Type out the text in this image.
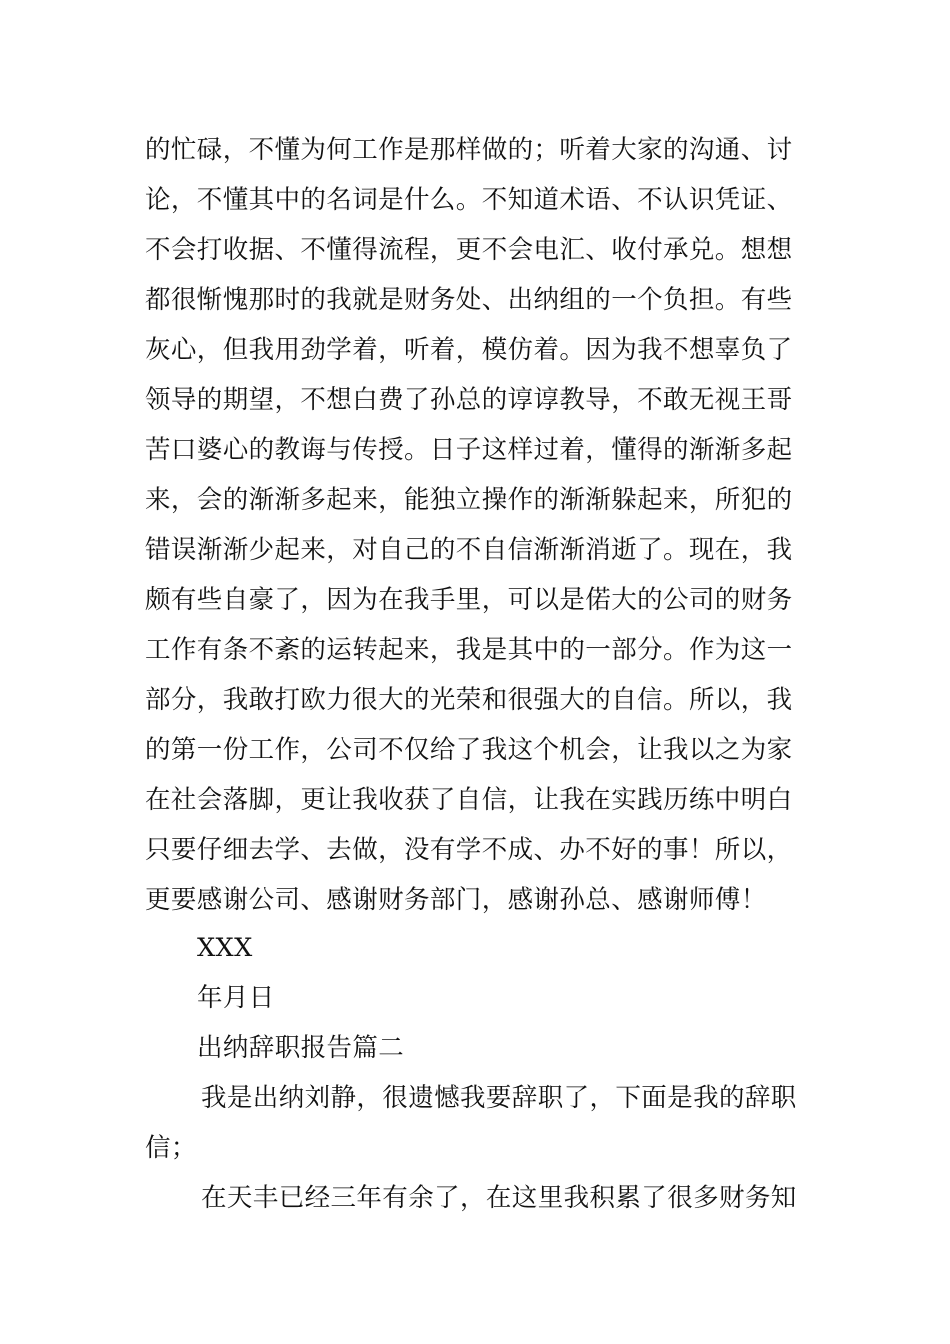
的忙碌，不懂为何工作是那样做的；听着大家的沟通、讨
论，不懂其中的名词是什么。不知道术语、不认识凭证、
不会打收据、不懂得流程，更不会电汇、收付承兑。想想
都很惭愧那时的我就是财务处、出纳组的一个负担。有些
灰心，但我用劲学着，听着，模仿着。因为我不想辜负了
领导的期望，不想白费了孙总的谆谆教导，不敢无视王哥
苦口婆心的教诲与传授。日子这样过着，懂得的渐渐多起
来，会的渐渐多起来，能独立操作的渐渐躲起来，所犯的
错误渐渐少起来，对自己的不自信渐渐消逝了。现在，我
颇有些自豪了，因为在我手里，可以是偌大的公司的财务
工作有条不紊的运转起来，我是其中的一部分。作为这一
部分，我敢打欧力很大的光荣和很强大的自信。所以，我
的第一份工作，公司不仅给了我这个机会，让我以之为家
在社会落脚，更让我收获了自信，让我在实践历练中明白
只要仔细去学、去做，没有学不成、办不好的事！所以，
更要感谢公司、感谢财务部门，感谢孙总、感谢师傅！
XXX
年月日
出纳辞职报告篇二
我是出纳刘静，很遗憾我要辞职了，下面是我的辞职
信；
在天丰已经三年有余了，在这里我积累了很多财务知
